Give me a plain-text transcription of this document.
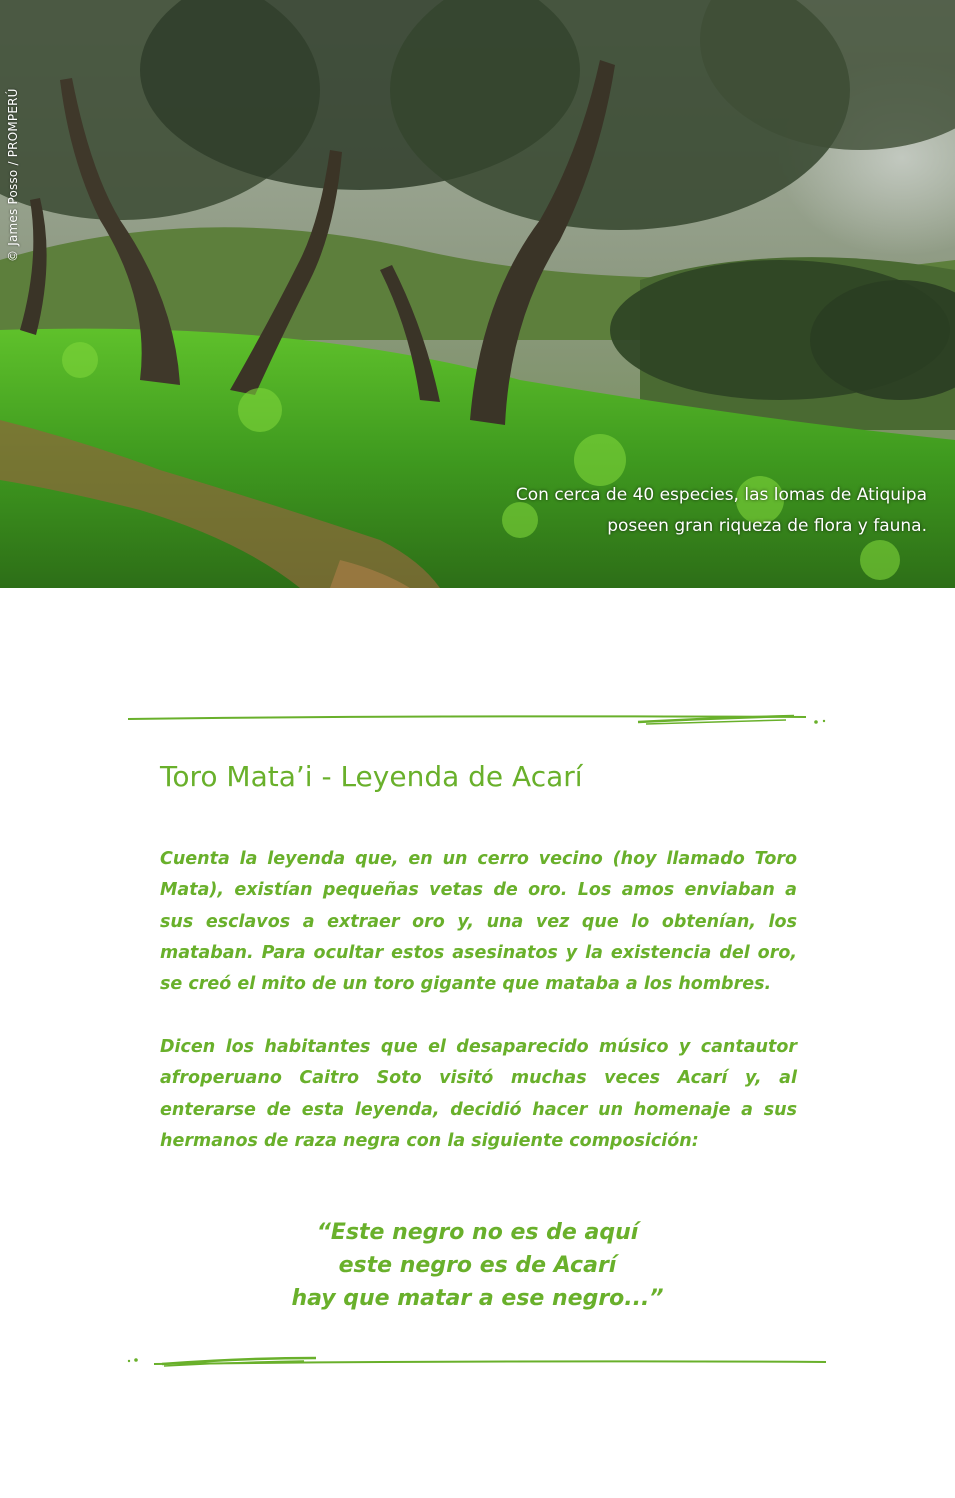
© James Posso / PROMPERÚ
Con cerca de 40 especies, las lomas de Atiquipa
poseen gran riqueza de flora y fauna.
Toro Mata’i - Leyenda de Acarí

Cuenta la leyenda que, en un cerro vecino (hoy llamado Toro Mata), existían pequeñas vetas de oro. Los amos enviaban a sus esclavos a extraer oro y, una vez que lo obtenían, los mataban. Para ocultar estos asesinatos y la existencia del oro, se creó el mito de un toro gigante que mataba a los hombres.

Dicen los habitantes que el desaparecido músico y cantautor afroperuano Caitro Soto visitó muchas veces Acarí y, al enterarse de esta leyenda, decidió hacer un homenaje a sus hermanos de raza negra con la siguiente composición:

“Este negro no es de aquí
este negro es de Acarí
hay que matar a ese negro...”
